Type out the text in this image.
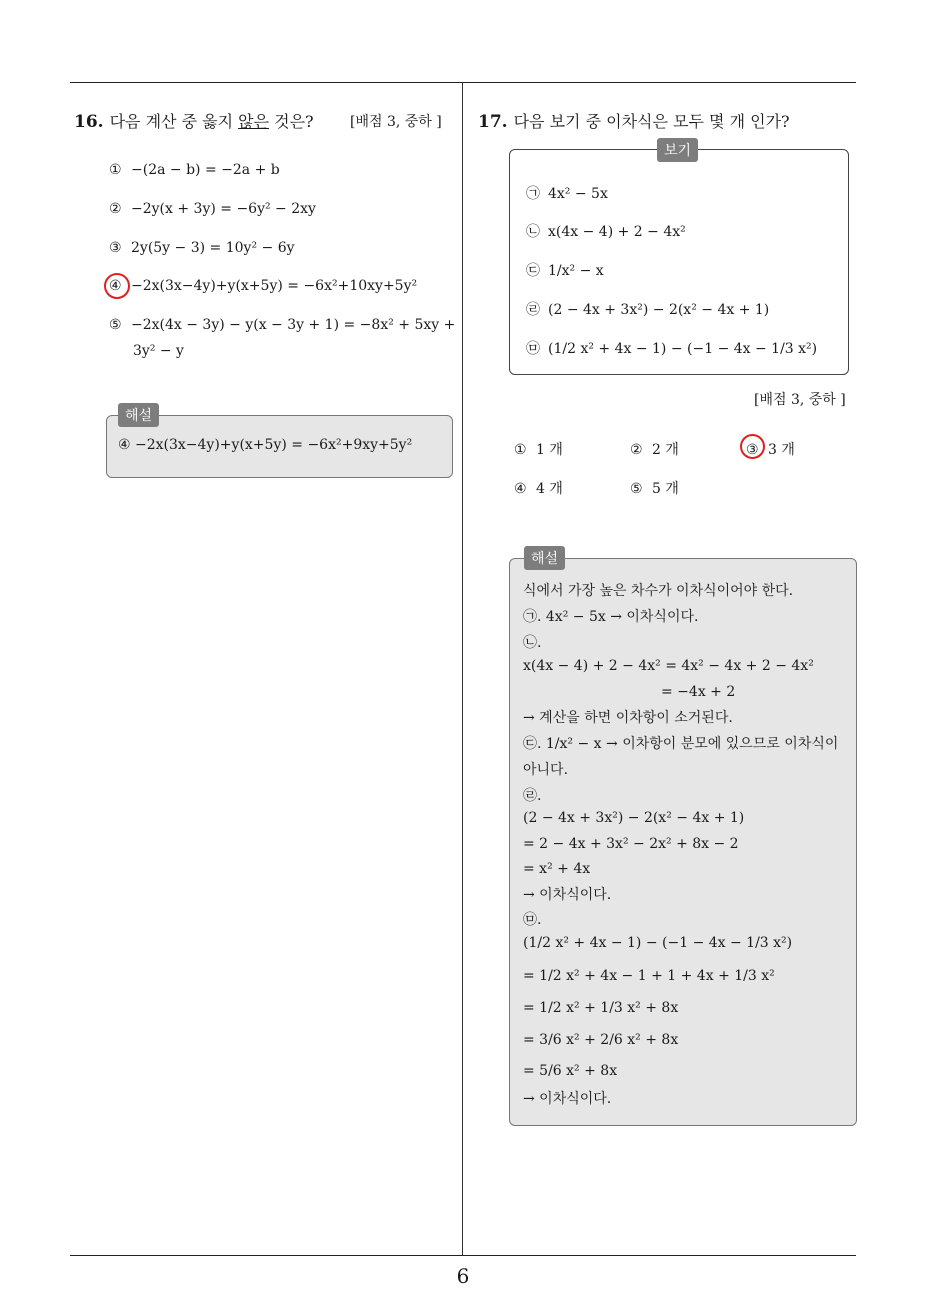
16. 다음 계산 중 옳지 않은 것은?	[배점 3, 중하 ]
① −(2a − b) = −2a + b
② −2y(x + 3y) = −6y² − 2xy
③ 2y(5y − 3) = 10y² − 6y
④ −2x(3x−4y)+y(x+5y) = −6x²+10xy+5y²
⑤ −2x(4x − 3y) − y(x − 3y + 1) = −8x² + 5xy +
3y² − y
해설
④ −2x(3x−4y)+y(x+5y) = −6x²+9xy+5y²
17. 다음 보기 중 이차식은 모두 몇 개 인가?
보기
㉠ 4x² − 5x
㉡ x(4x − 4) + 2 − 4x²
㉢ 1/x² − x
㉣ (2 − 4x + 3x²) − 2(x² − 4x + 1)
㉤ (1/2 x² + 4x − 1) − (−1 − 4x − 1/3 x²)
[배점 3, 중하 ]
① 1 개	② 2 개	③ 3 개
④ 4 개	⑤ 5 개
해설
식에서 가장 높은 차수가 이차식이어야 한다.
㉠. 4x² − 5x → 이차식이다.
㉡.
x(4x − 4) + 2 − 4x² = 4x² − 4x + 2 − 4x²
= −4x + 2
→ 계산을 하면 이차항이 소거된다.
㉢. 1/x² − x → 이차항이 분모에 있으므로 이차식이
아니다.
㉣.
(2 − 4x + 3x²) − 2(x² − 4x + 1)
= 2 − 4x + 3x² − 2x² + 8x − 2
= x² + 4x
→ 이차식이다.
㉤.
(1/2 x² + 4x − 1) − (−1 − 4x − 1/3 x²)
= 1/2 x² + 4x − 1 + 1 + 4x + 1/3 x²
= 1/2 x² + 1/3 x² + 8x
= 3/6 x² + 2/6 x² + 8x
= 5/6 x² + 8x
→ 이차식이다.
6
